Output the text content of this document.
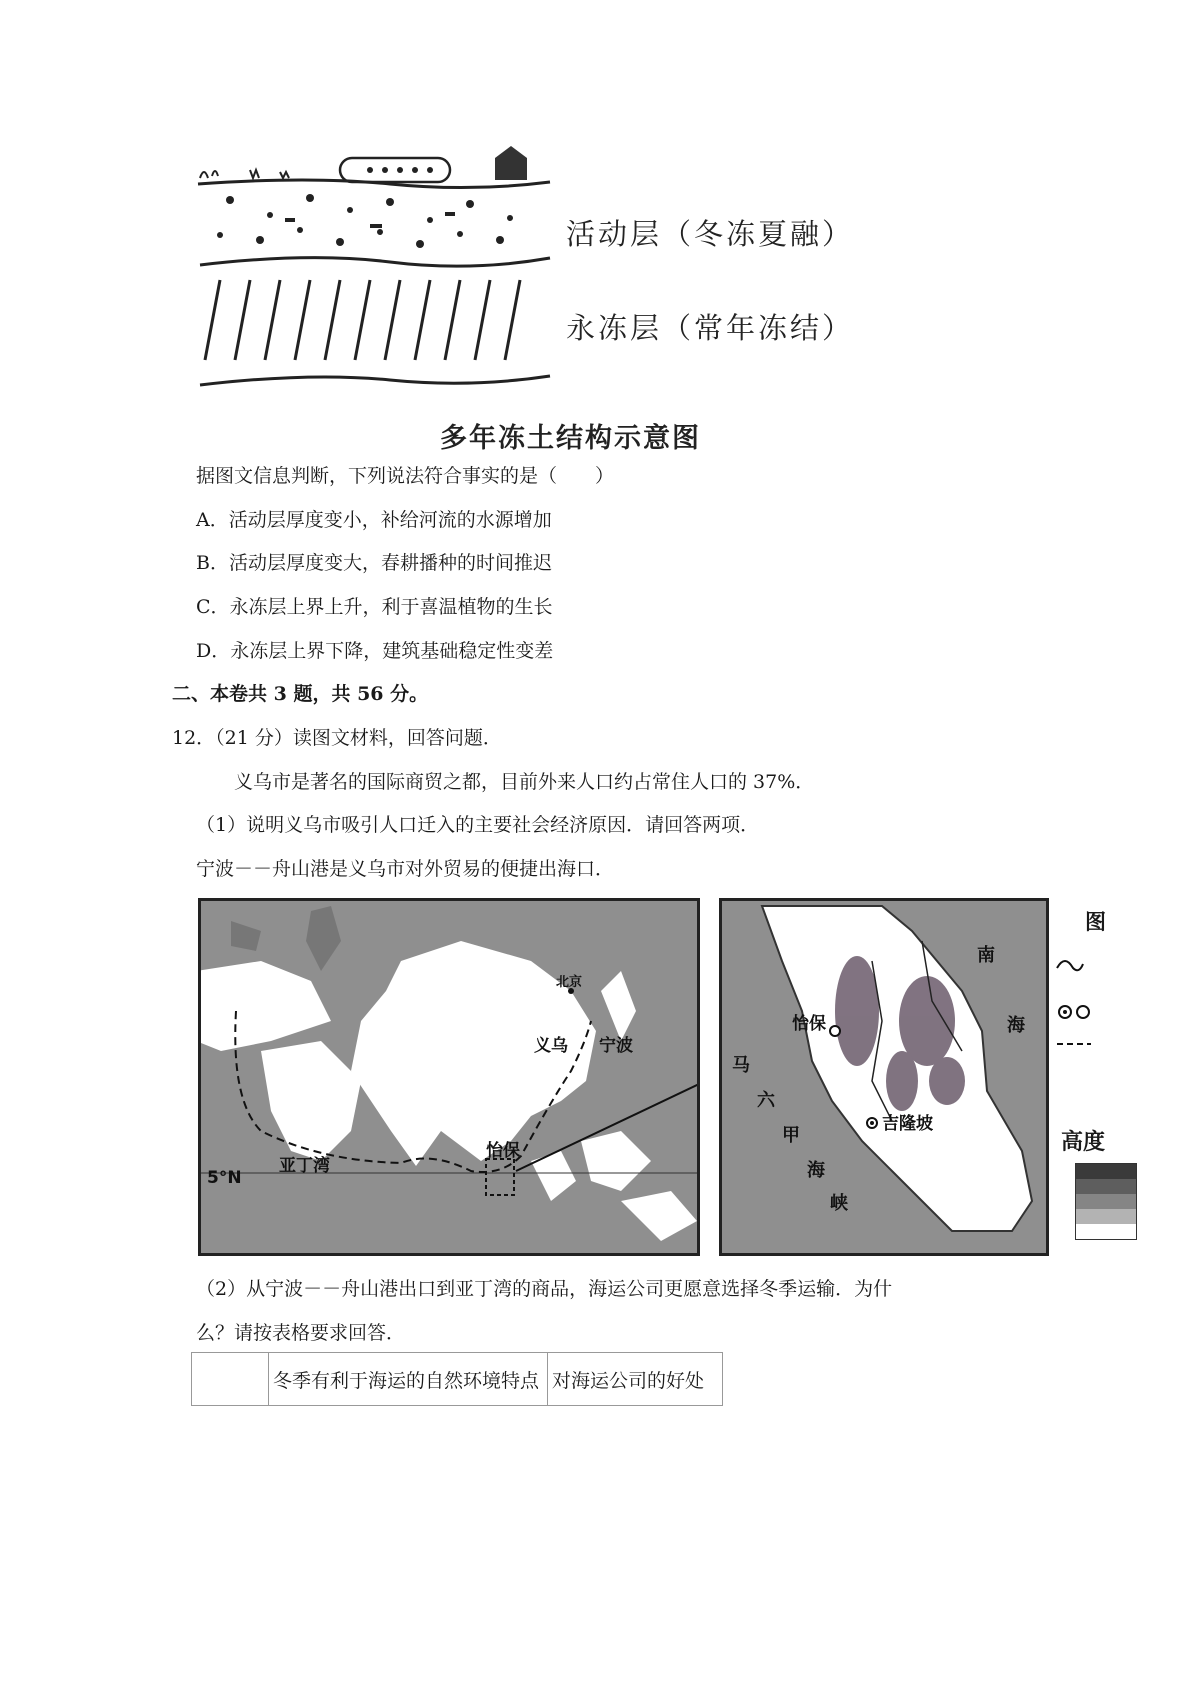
活动层（冬冻夏融）
永冻层（常年冻结）
多年冻土结构示意图
据图文信息判断，下列说法符合事实的是（　　）
A．活动层厚度变小，补给河流的水源增加
B．活动层厚度变大，春耕播种的时间推迟
C．永冻层上界上升，利于喜温植物的生长
D．永冻层上界下降，建筑基础稳定性变差
二、本卷共 3 题，共 56 分。
12．（21 分）读图文材料，回答问题．
义乌市是著名的国际商贸之都，目前外来人口约占常住人口的 37%．
（1）说明义乌市吸引人口迁入的主要社会经济原因．请回答两项．
宁波－－舟山港是义乌市对外贸易的便捷出海口．
北京
义乌 宁波
怡保
亚丁湾
5°N
怡保
吉隆坡
马
六
甲
海
峡
南
海
图
高度
（2）从宁波－－舟山港出口到亚丁湾的商品，海运公司更愿意选择冬季运输．为什
么？请按表格要求回答．
	冬季有利于海运的自然环境特点	对海运公司的好处
